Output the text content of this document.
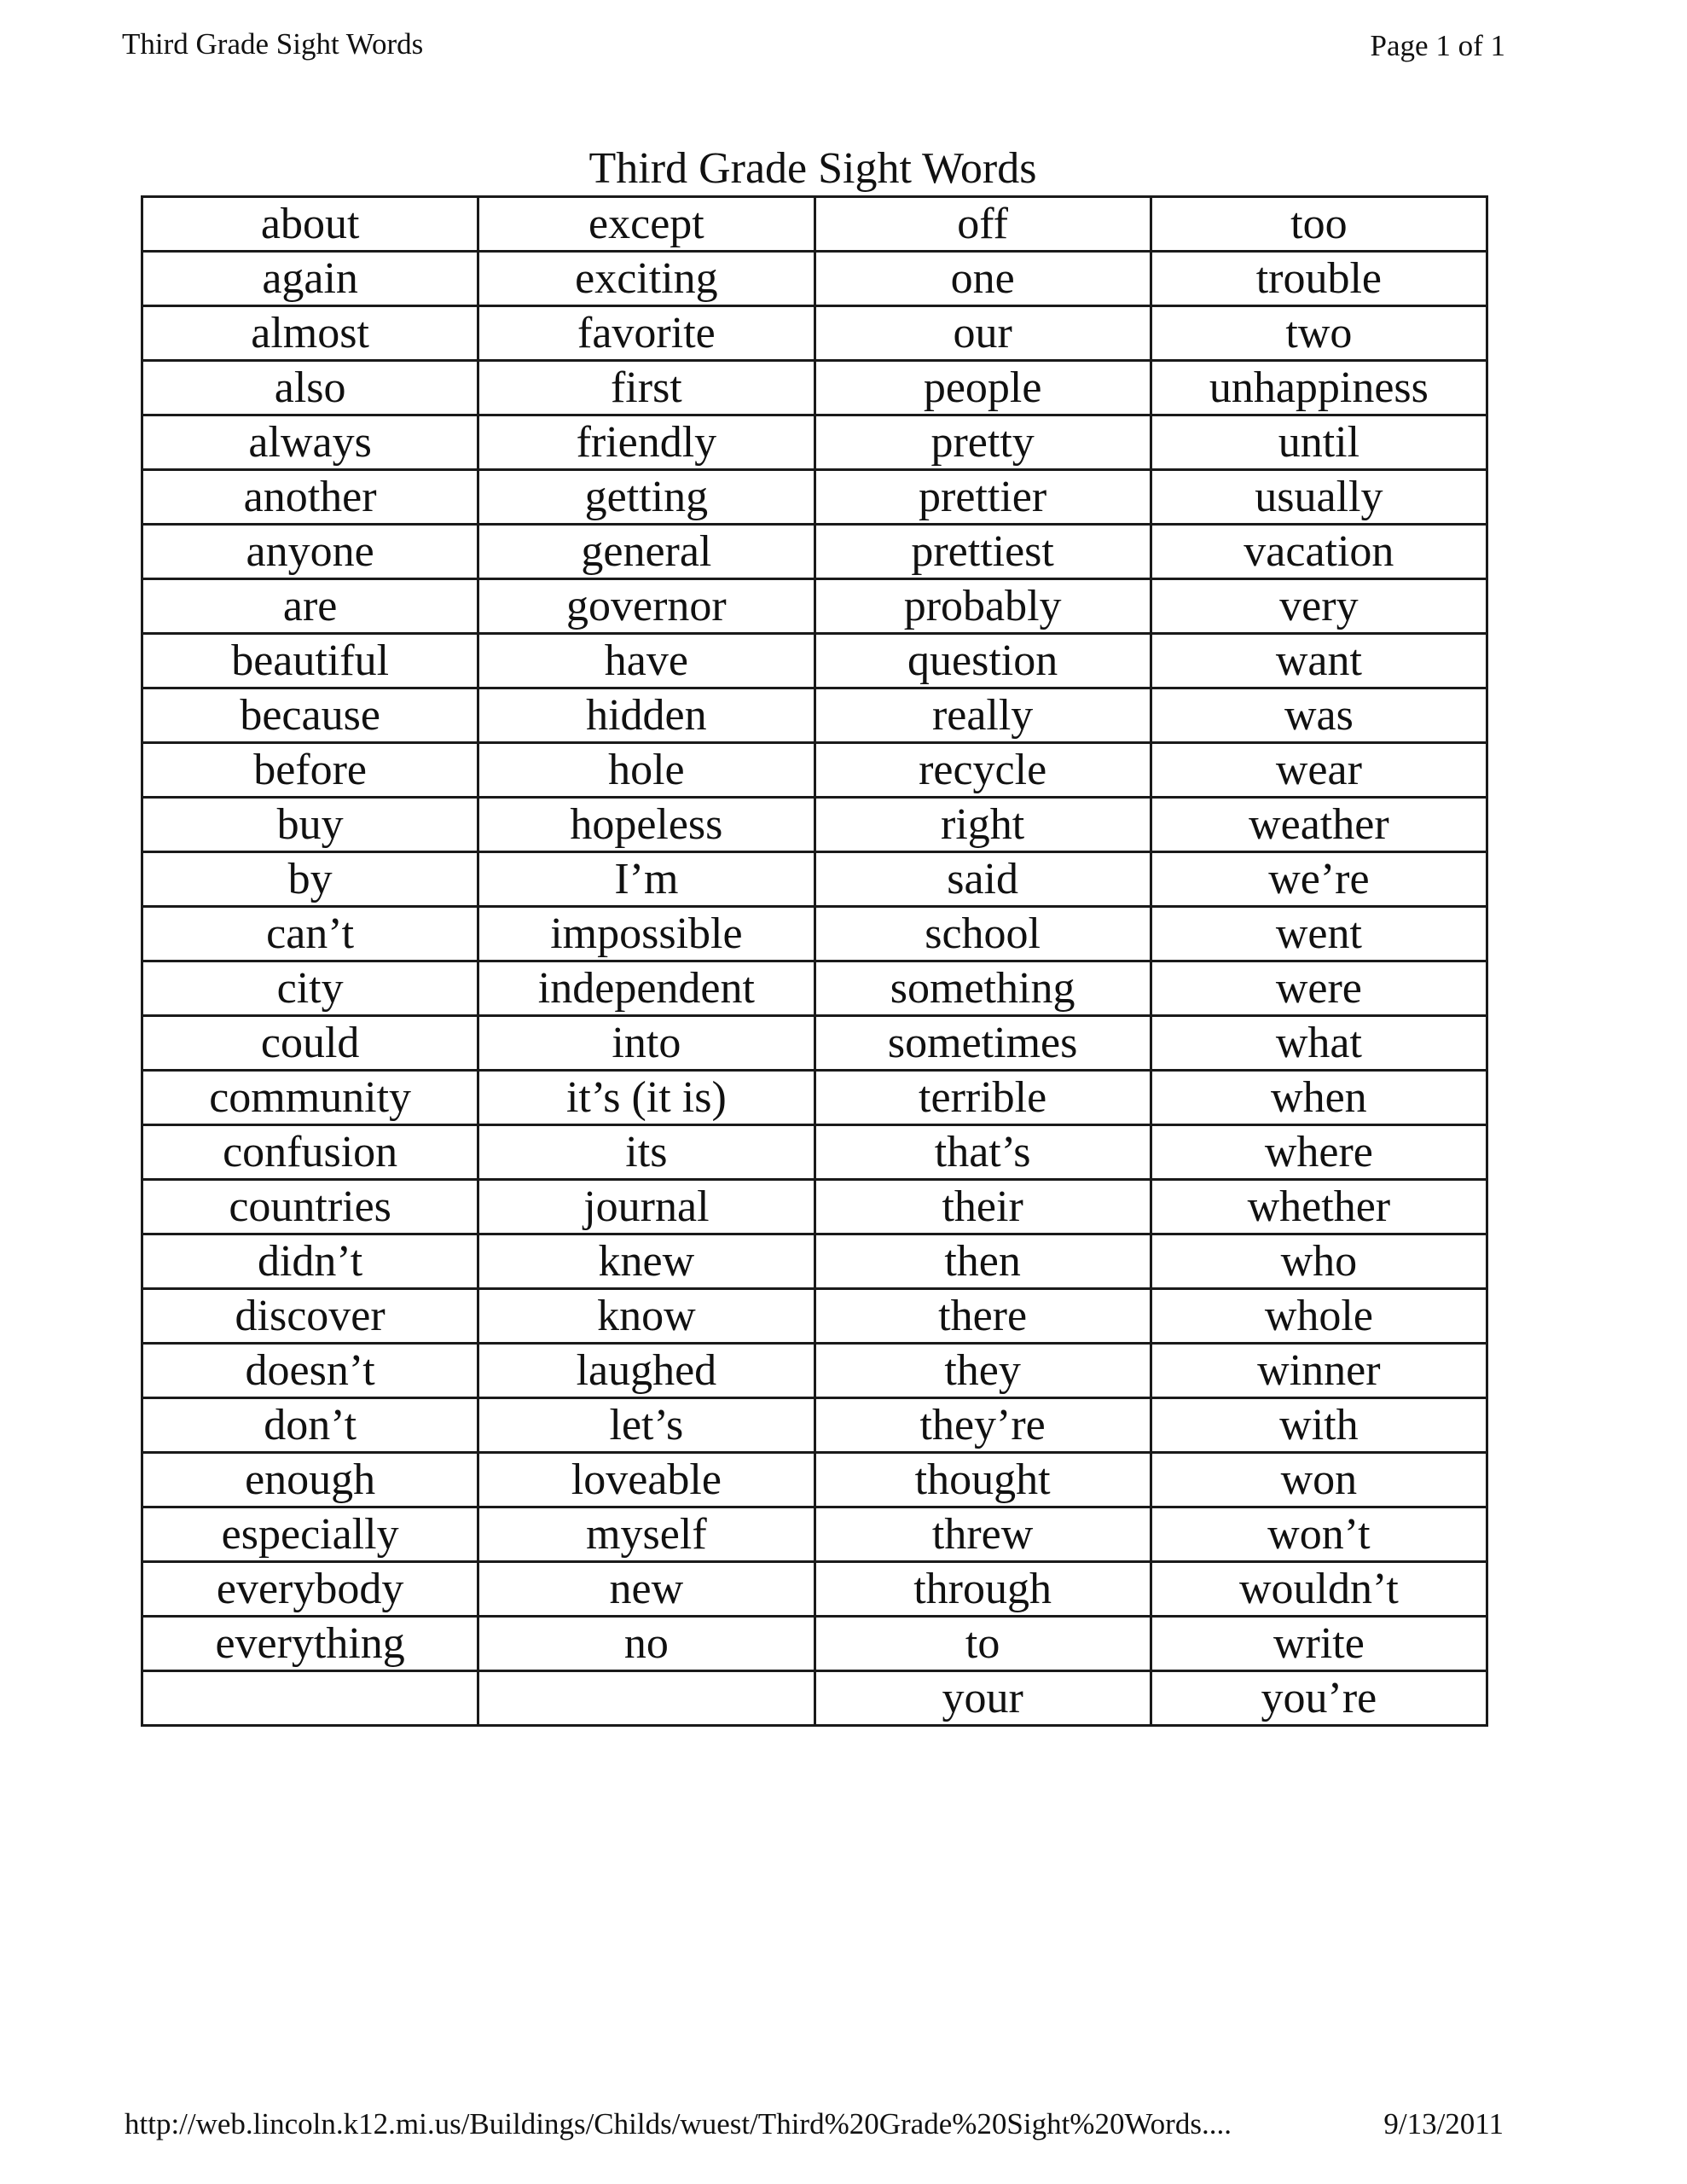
Third Grade Sight Words	Page 1 of 1
Third Grade Sight Words
about	except	off	too
again	exciting	one	trouble
almost	favorite	our	two
also	first	people	unhappiness
always	friendly	pretty	until
another	getting	prettier	usually
anyone	general	prettiest	vacation
are	governor	probably	very
beautiful	have	question	want
because	hidden	really	was
before	hole	recycle	wear
buy	hopeless	right	weather
by	I’m	said	we’re
can’t	impossible	school	went
city	independent	something	were
could	into	sometimes	what
community	it’s (it is)	terrible	when
confusion	its	that’s	where
countries	journal	their	whether
didn’t	knew	then	who
discover	know	there	whole
doesn’t	laughed	they	winner
don’t	let’s	they’re	with
enough	loveable	thought	won
especially	myself	threw	won’t
everybody	new	through	wouldn’t
everything	no	to	write
		your	you’re
http://web.lincoln.k12.mi.us/Buildings/Childs/wuest/Third%20Grade%20Sight%20Words....	9/13/2011
